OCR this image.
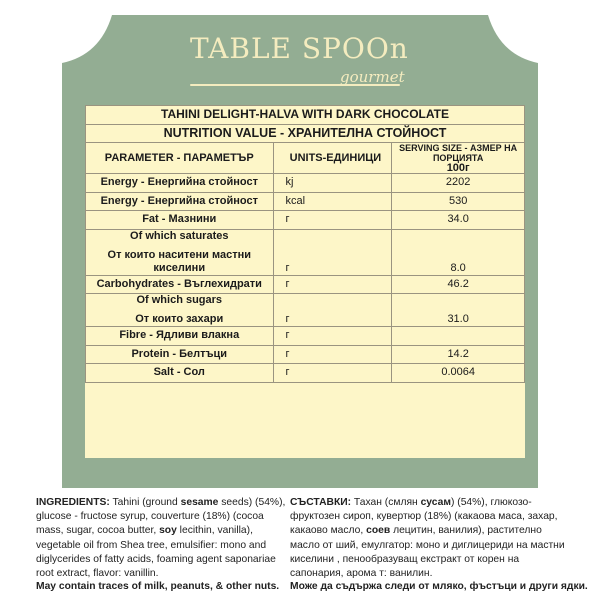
TABLE SPOOn
gourmet
TAHINI DELIGHT-HALVA WITH DARK CHOCOLATE		
NUTRITION VALUE - ХРАНИТЕЛНА СТОЙНОСТ		
PARAMETER - ПАРАМЕТЪР	UNITS-ЕДИНИЦИ	SERVING SIZE - АЗМЕР НА ПОРЦИЯТА
100г

Energy - Енергийна стойност	kj	2202
Energy - Енергийна стойност	kcal	530
Fat - Мазнини	г	34.0

Of which saturates
От които наситени мастни киселини	г	8.0
Carbohydrates - Въглехидрати	г	46.2

Of which sugars
От които захари	г	31.0
Fibre - Ядливи влакна	г	
Protein - Белтъци	г	14.2
Salt - Сол	г	0.0064
INGREDIENTS: Tahini (ground sesame seeds) (54%), glucose - fructose syrup, couverture (18%) (cocoa mass, sugar, cocoa butter, soy lecithin, vanilla), vegetable oil from Shea tree, emulsifier: mono and diglycerides of fatty acids, foaming agent saponariae root extract, flavor: vanillin.
СЪСТАВКИ: Тахан (смлян сусам) (54%), глюкозо-фруктозен сироп, кувертюр (18%) (какаова маса, захар, какаово масло, соев лецитин, ванилия), растително масло от ший, емулгатор: моно и диглицериди на мастни киселини , пенообразуващ екстракт от корен на сапонария, арома т: ванилин.
May contain traces of milk, peanuts, & other nuts. Може да съдържа следи от мляко, фъстъци и други ядки.
